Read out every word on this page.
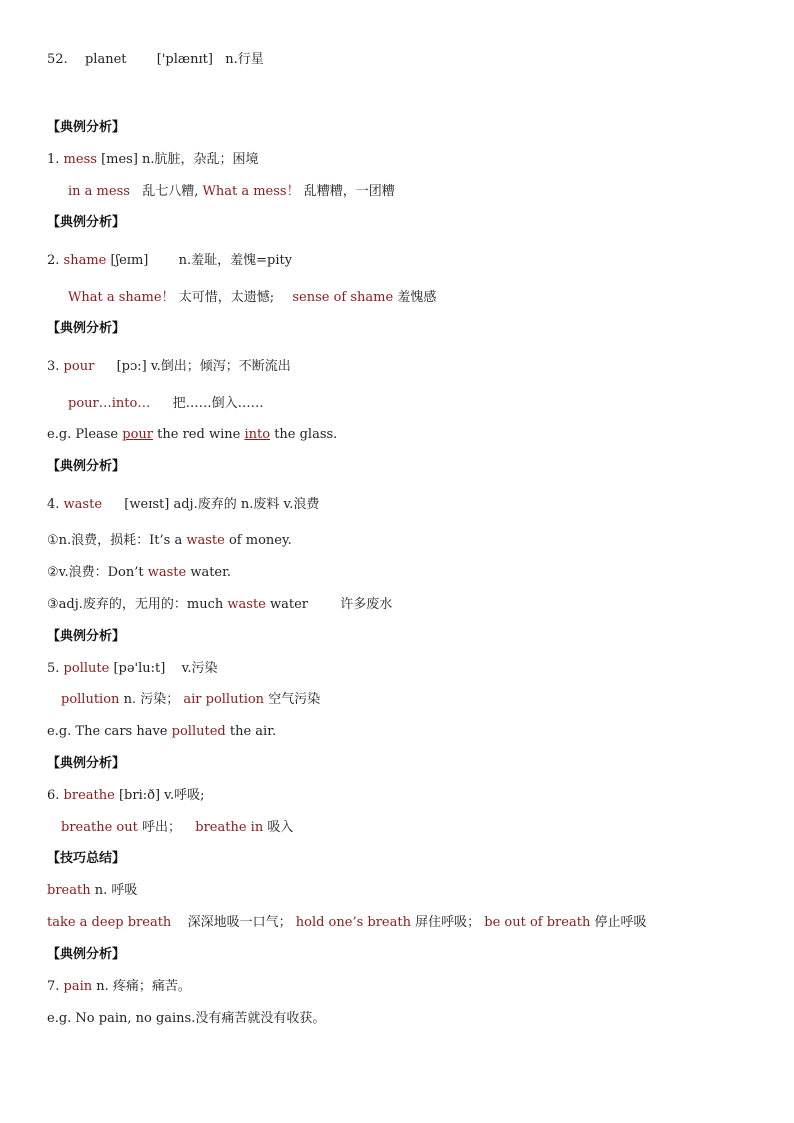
52. planet ['plænɪt] n.行星
【典例分析】
1. mess [mes] n.肮脏，杂乱；困境
in a mess 乱七八糟, What a mess！ 乱糟糟，一团糟
【典例分析】
2. shame [ʃeɪm] n.羞耻，羞愧=pity
What a shame！ 太可惜，太遗憾; sense of shame 羞愧感
【典例分析】
3. pour [pɔ:] v.倒出；倾泻；不断流出
pour…into… 把……倒入……
e.g. Please pour the red wine into the glass.
【典例分析】
4. waste [weɪst] adj.废弃的 n.废料 v.浪费
①n.浪费，损耗：It’s a waste of money.
②v.浪费：Don’t waste water.
③adj.废弃的，无用的：much waste water 许多废水
【典例分析】
5. pollute [pə'lu:t] v.污染
pollution n. 污染； air pollution 空气污染
e.g. The cars have polluted the air.
【典例分析】
6. breathe [bri:ð] v.呼吸;
breathe out 呼出； breathe in 吸入
【技巧总结】
breath n. 呼吸
take a deep breath 深深地吸一口气； hold one’s breath 屏住呼吸； be out of breath 停止呼吸
【典例分析】
7. pain n. 疼痛；痛苦。
e.g. No pain, no gains.没有痛苦就没有收获。
